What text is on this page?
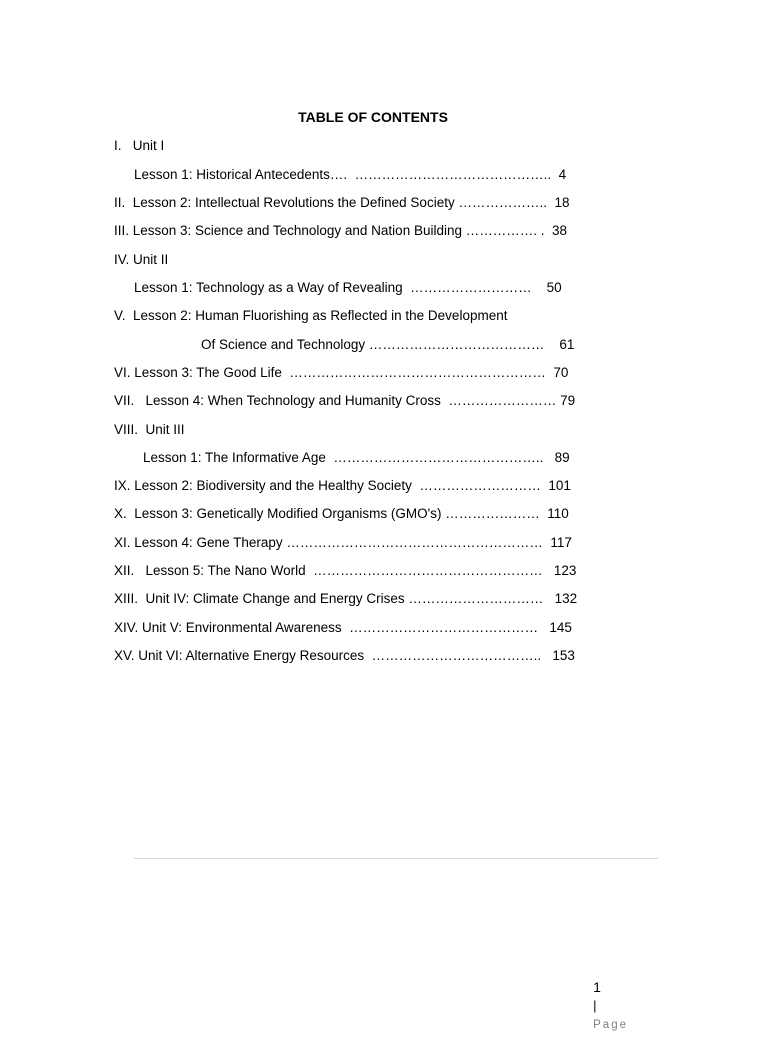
TABLE OF CONTENTS
I.   Unit I
Lesson 1: Historical Antecedents….  ……………………………………..  4
II.  Lesson 2: Intellectual Revolutions the Defined Society ………………..  18
III. Lesson 3: Science and Technology and Nation Building ……………. .  38
IV. Unit II
Lesson 1: Technology as a Way of Revealing  ………………………    50
V.  Lesson 2: Human Fluorishing as Reflected in the Development
Of Science and Technology …………………………………    61
VI. Lesson 3: The Good Life  …………………………………………………  70
VII.   Lesson 4: When Technology and Humanity Cross  …………………… 79
VIII.  Unit III
Lesson 1: The Informative Age  ………………………………………..   89
IX. Lesson 2: Biodiversity and the Healthy Society  ………………………  101
X.  Lesson 3: Genetically Modified Organisms (GMO's) …………………  110
XI. Lesson 4: Gene Therapy …………………………………………………  117
XII.   Lesson 5: The Nano World  ……………………………………………   123
XIII.  Unit IV: Climate Change and Energy Crises …………………………   132
XIV. Unit V: Environmental Awareness  ……………………………………   145
XV. Unit VI: Alternative Energy Resources  ………………………………..   153

1
|
Page
